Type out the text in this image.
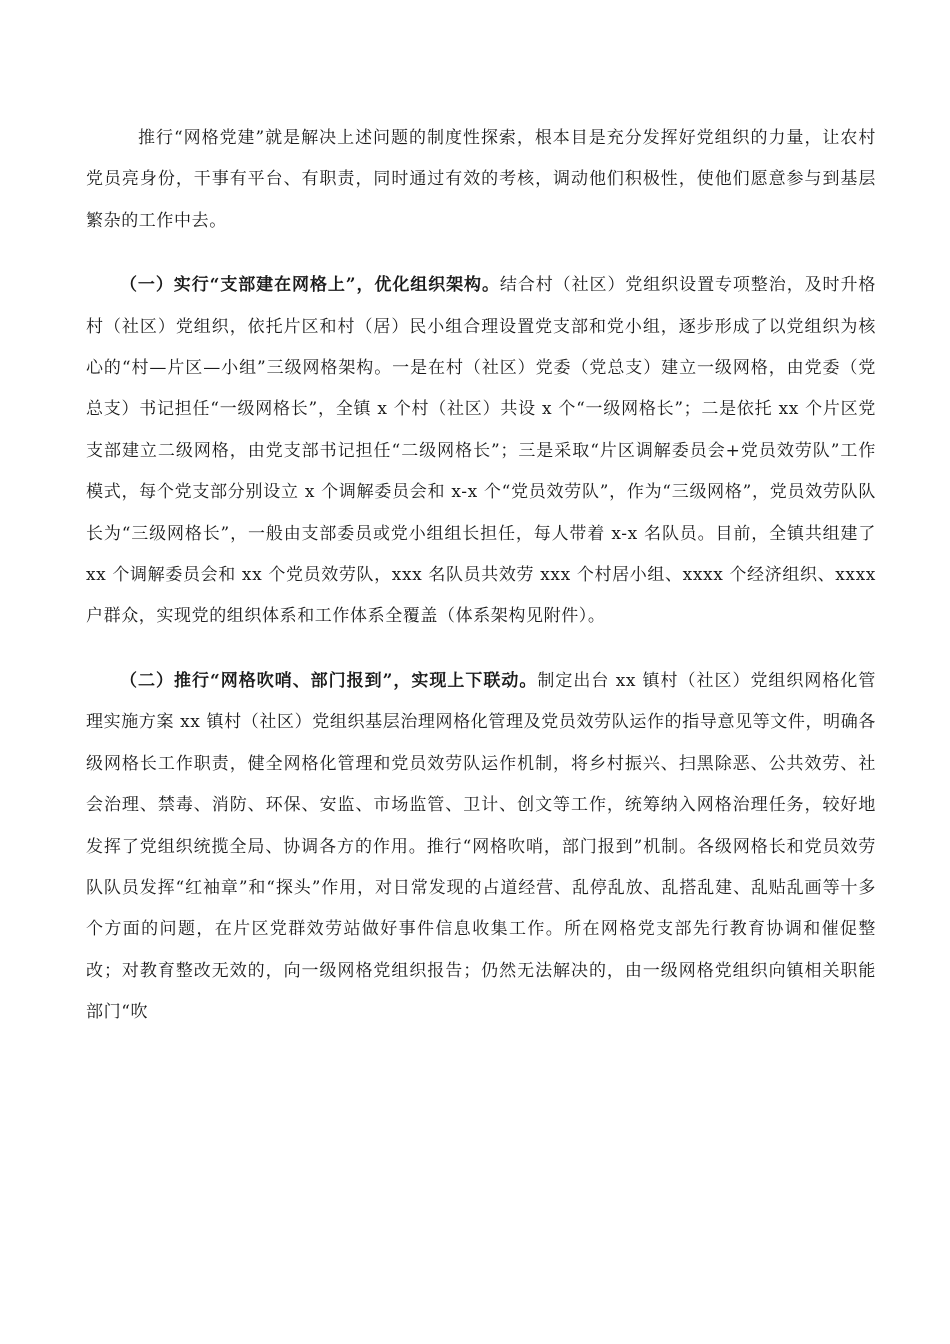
推行“网格党建”就是解决上述问题的制度性探索，根本目是充分发挥好党组织的力量，让农村党员亮身份，干事有平台、有职责，同时通过有效的考核，调动他们积极性，使他们愿意参与到基层繁杂的工作中去。

（一）实行“支部建在网格上”，优化组织架构。结合村（社区）党组织设置专项整治，及时升格村（社区）党组织，依托片区和村（居）民小组合理设置党支部和党小组，逐步形成了以党组织为核心的“村—片区—小组”三级网格架构。一是在村（社区）党委（党总支）建立一级网格，由党委（党总支）书记担任“一级网格长”，全镇 x 个村（社区）共设 x 个“一级网格长”；二是依托 xx 个片区党支部建立二级网格，由党支部书记担任“二级网格长”；三是采取“片区调解委员会+党员效劳队”工作模式，每个党支部分别设立 x 个调解委员会和 x-x 个“党员效劳队”，作为“三级网格”，党员效劳队队长为“三级网格长”，一般由支部委员或党小组组长担任，每人带着 x-x 名队员。目前，全镇共组建了 xx 个调解委员会和 xx 个党员效劳队，xxx 名队员共效劳 xxx 个村居小组、xxxx 个经济组织、xxxx 户群众，实现党的组织体系和工作体系全覆盖（体系架构见附件）。

（二）推行“网格吹哨、部门报到”，实现上下联动。制定出台 xx 镇村（社区）党组织网格化管理实施方案 xx 镇村（社区）党组织基层治理网格化管理及党员效劳队运作的指导意见等文件，明确各级网格长工作职责，健全网格化管理和党员效劳队运作机制，将乡村振兴、扫黑除恶、公共效劳、社会治理、禁毒、消防、环保、安监、市场监管、卫计、创文等工作，统筹纳入网格治理任务，较好地发挥了党组织统揽全局、协调各方的作用。推行“网格吹哨，部门报到”机制。各级网格长和党员效劳队队员发挥“红袖章”和“探头”作用，对日常发现的占道经营、乱停乱放、乱搭乱建、乱贴乱画等十多个方面的问题，在片区党群效劳站做好事件信息收集工作。所在网格党支部先行教育协调和催促整改；对教育整改无效的，向一级网格党组织报告；仍然无法解决的，由一级网格党组织向镇相关职能部门“吹
